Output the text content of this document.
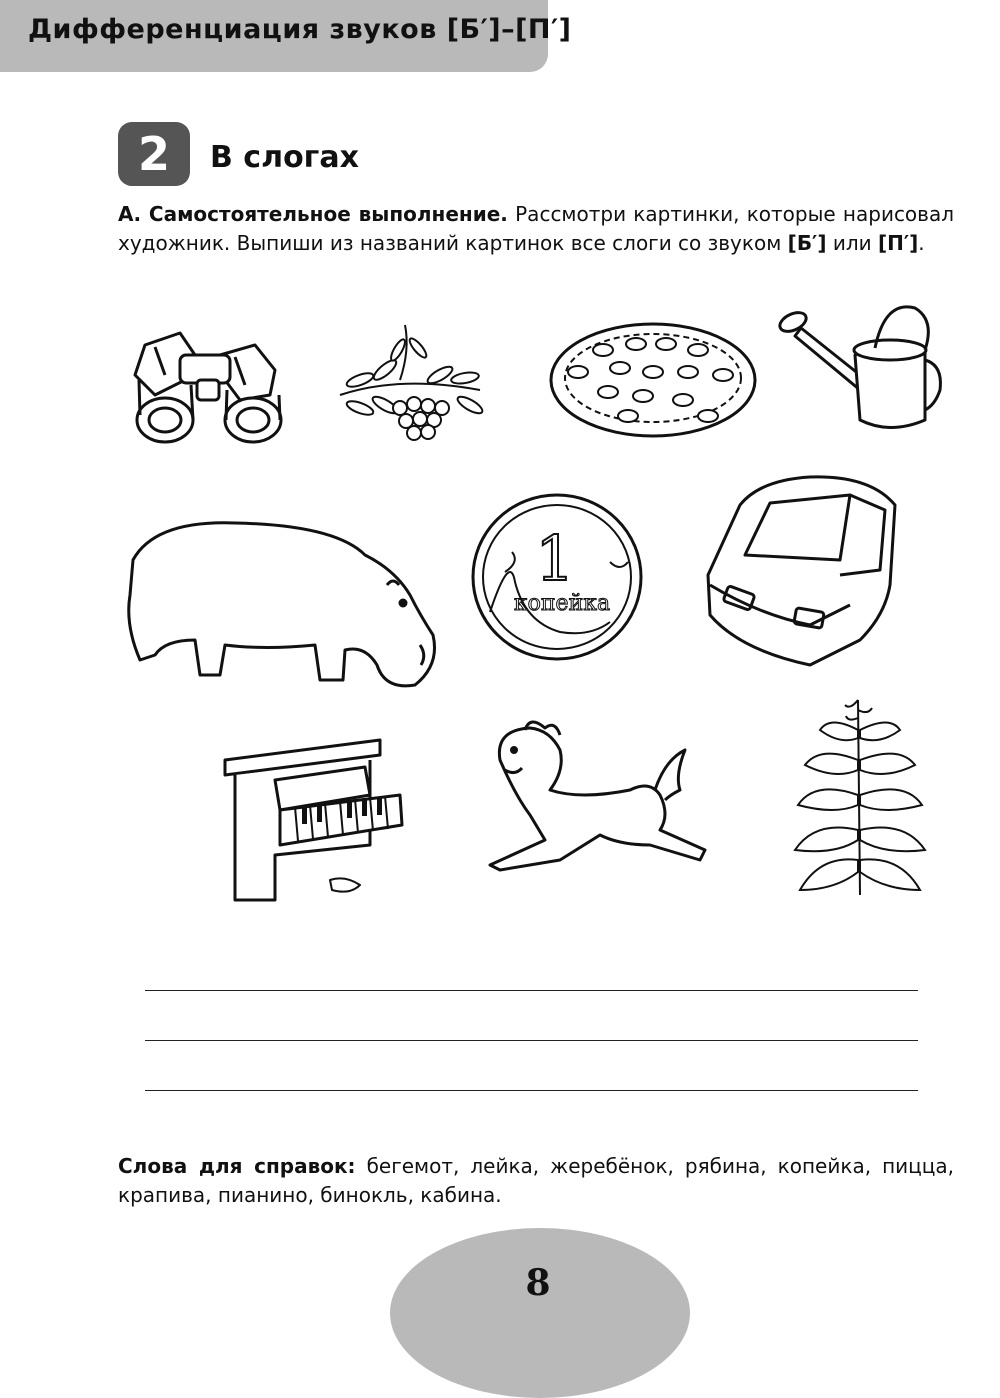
Дифференциация звуков [Б′]–[П′]
2	В слогах
А. Самостоятельное выполнение. Рассмотри картинки, которые нарисовал художник. Выпиши из названий картинок все слоги со звуком [Б′] или [П′].
1
копейка
Слова для справок: бегемот, лейка, жеребёнок, рябина, копейка, пицца, крапива, пианино, бинокль, кабина.
8
